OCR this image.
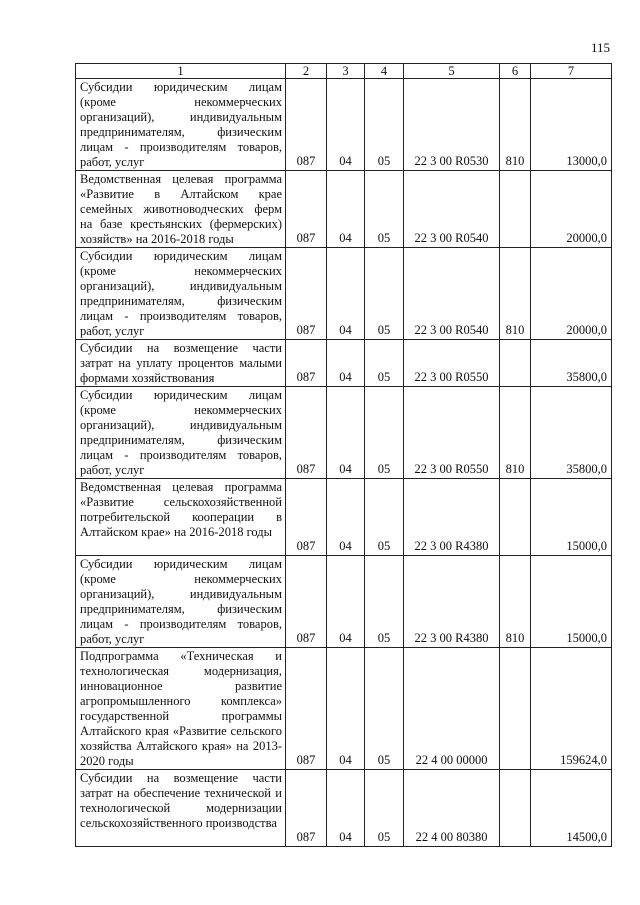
115
1	2	3	4	5	6	7
Субсидии юридическим лицам (кроме некоммерческих организаций), индивидуальным предпринимателям, физическим лицам - производителям товаров, работ, услуг	087	04	05	22 3 00 R0530	810	13000,0
Ведомственная целевая программа «Развитие в Алтайском крае семейных животноводческих ферм на базе крестьянских (фермерских) хозяйств» на 2016-2018 годы	087	04	05	22 3 00 R0540		20000,0
Субсидии юридическим лицам (кроме некоммерческих организаций), индивидуальным предпринимателям, физическим лицам - производителям товаров, работ, услуг	087	04	05	22 3 00 R0540	810	20000,0
Субсидии на возмещение части затрат на уплату процентов малыми формами хозяйствования	087	04	05	22 3 00 R0550		35800,0
Субсидии юридическим лицам (кроме некоммерческих организаций), индивидуальным предпринимателям, физическим лицам - производителям товаров, работ, услуг	087	04	05	22 3 00 R0550	810	35800,0
Ведомственная целевая программа «Развитие сельскохозяйственной потребительской кооперации в Алтайском крае» на 2016-2018 годы	087	04	05	22 3 00 R4380		15000,0
Субсидии юридическим лицам (кроме некоммерческих организаций), индивидуальным предпринимателям, физическим лицам - производителям товаров, работ, услуг	087	04	05	22 3 00 R4380	810	15000,0
Подпрограмма «Техническая и технологическая модернизация, инновационное развитие агропромышленного комплекса» государственной программы Алтайского края «Развитие сельского хозяйства Алтайского края» на 2013-2020 годы	087	04	05	22 4 00 00000		159624,0
Субсидии на возмещение части затрат на обеспечение технической и технологической модернизации сельскохозяйственного производства	087	04	05	22 4 00 80380		14500,0
